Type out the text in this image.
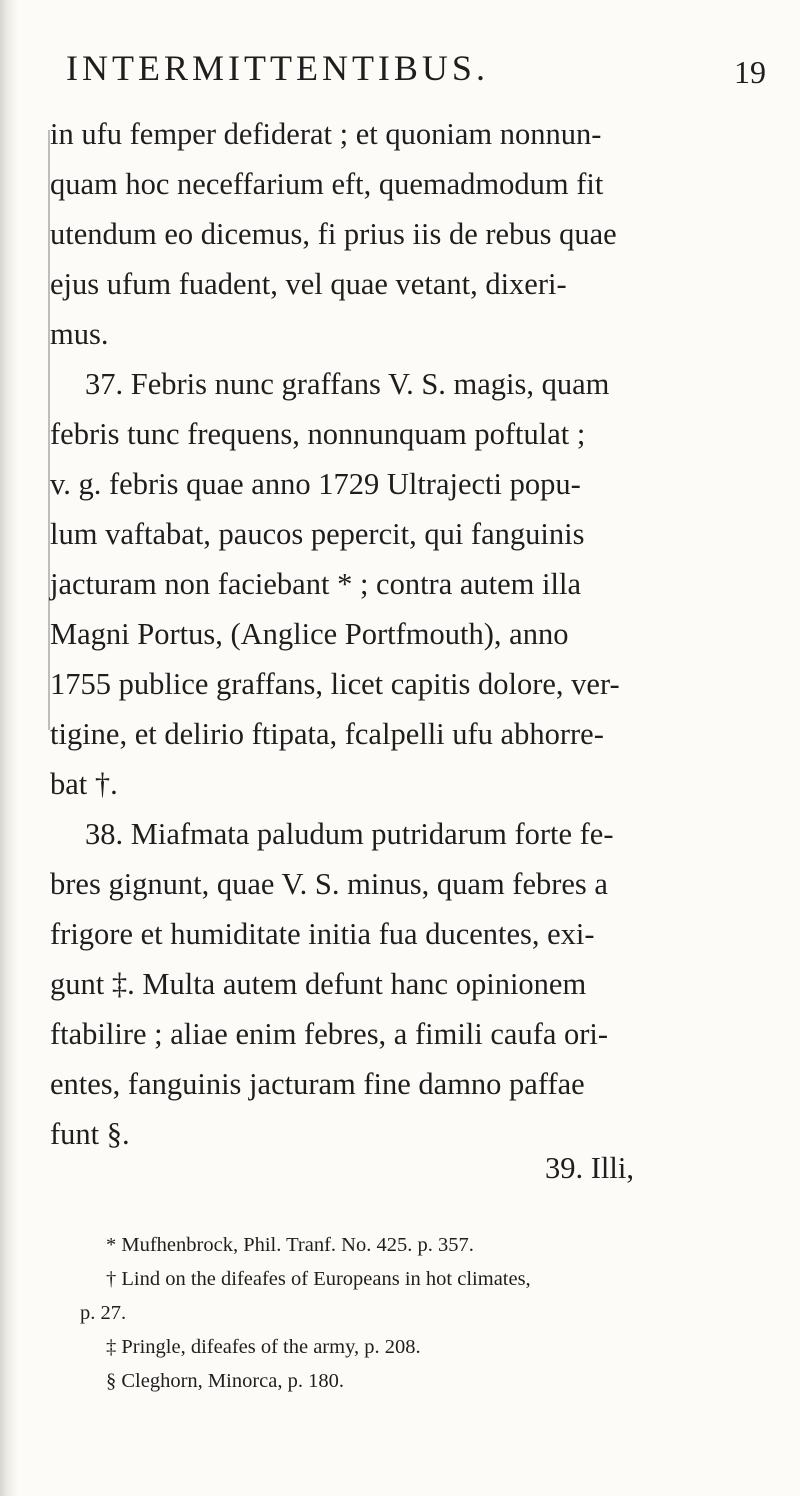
INTERMITTENTIBUS.	19
in ufu femper defiderat ; et quoniam nonnun-
quam hoc neceffarium eft, quemadmodum fit
utendum eo dicemus, fi prius iis de rebus quae
ejus ufum fuadent, vel quae vetant, dixeri-
mus.
37. Febris nunc graffans V. S. magis, quam
febris tunc frequens, nonnunquam poftulat ;
v. g. febris quae anno 1729 Ultrajecti popu-
lum vaftabat, paucos pepercit, qui fanguinis
jacturam non faciebant * ; contra autem illa
Magni Portus, (Anglice Portfmouth), anno
1755 publice graffans, licet capitis dolore, ver-
tigine, et delirio ftipata, fcalpelli ufu abhorre-
bat †.
38. Miafmata paludum putridarum forte fe-
bres gignunt, quae V. S. minus, quam febres a
frigore et humiditate initia fua ducentes, exi-
gunt ‡. Multa autem defunt hanc opinionem
ftabilire ; aliae enim febres, a fimili caufa ori-
entes, fanguinis jacturam fine damno paffae
funt §.
39. Illi,
* Mufhenbrock, Phil. Tranf. No. 425. p. 357.
† Lind on the difeafes of Europeans in hot climates,
p. 27.
‡ Pringle, difeafes of the army, p. 208.
§ Cleghorn, Minorca, p. 180.
